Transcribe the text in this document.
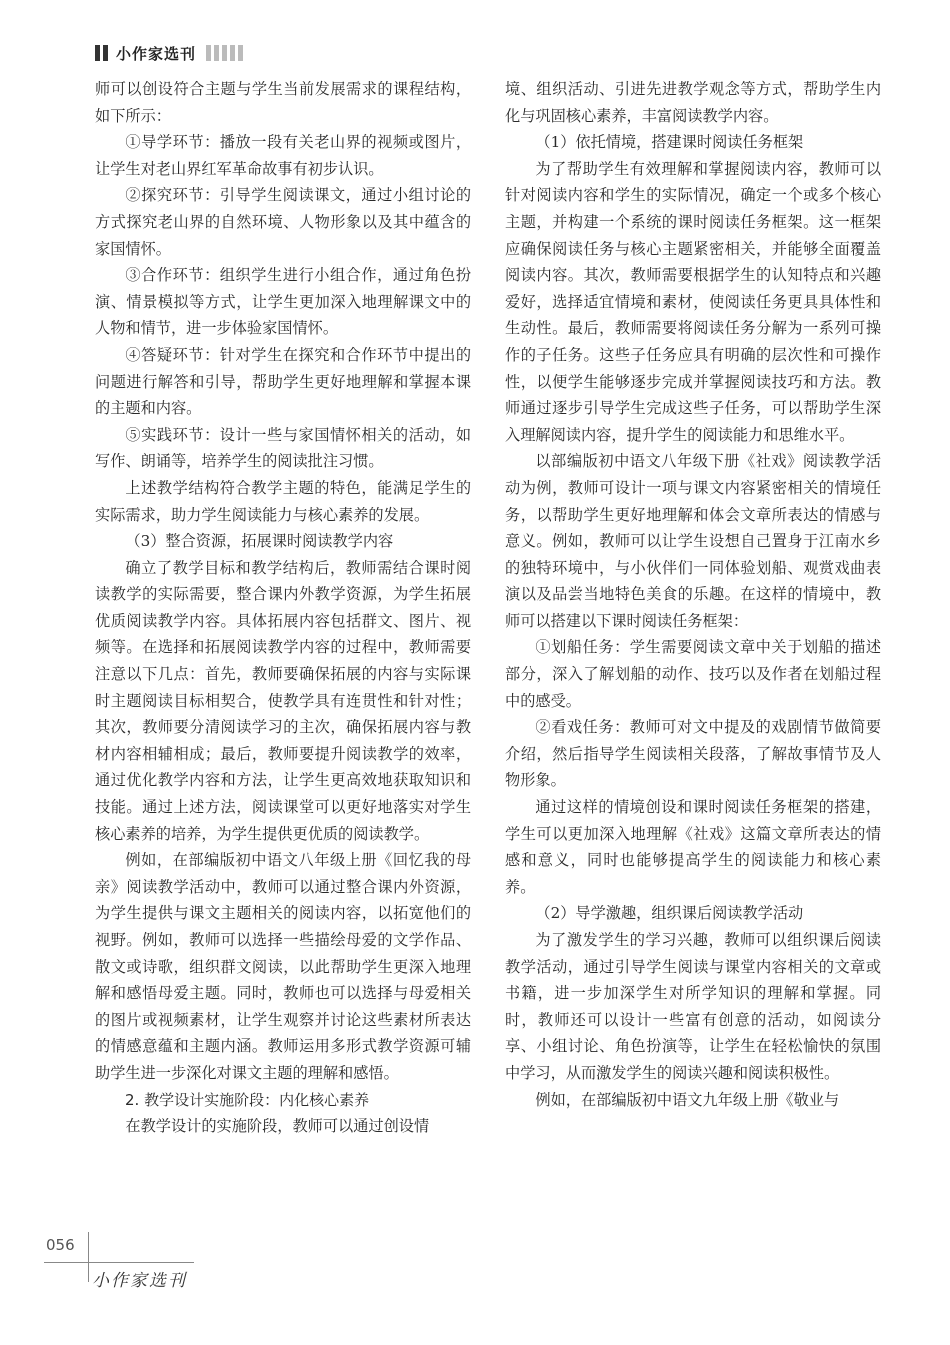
小作家选刊

师可以创设符合主题与学生当前发展需求的课程结构，如下所示：

①导学环节：播放一段有关老山界的视频或图片，让学生对老山界红军革命故事有初步认识。

②探究环节：引导学生阅读课文，通过小组讨论的方式探究老山界的自然环境、人物形象以及其中蕴含的家国情怀。

③合作环节：组织学生进行小组合作，通过角色扮演、情景模拟等方式，让学生更加深入地理解课文中的人物和情节，进一步体验家国情怀。

④答疑环节：针对学生在探究和合作环节中提出的问题进行解答和引导，帮助学生更好地理解和掌握本课的主题和内容。

⑤实践环节：设计一些与家国情怀相关的活动，如写作、朗诵等，培养学生的阅读批注习惯。

上述教学结构符合教学主题的特色，能满足学生的实际需求，助力学生阅读能力与核心素养的发展。

（3）整合资源，拓展课时阅读教学内容

确立了教学目标和教学结构后，教师需结合课时阅读教学的实际需要，整合课内外教学资源，为学生拓展优质阅读教学内容。具体拓展内容包括群文、图片、视频等。在选择和拓展阅读教学内容的过程中，教师需要注意以下几点：首先，教师要确保拓展的内容与实际课时主题阅读目标相契合，使教学具有连贯性和针对性；其次，教师要分清阅读学习的主次，确保拓展内容与教材内容相辅相成；最后，教师要提升阅读教学的效率，通过优化教学内容和方法，让学生更高效地获取知识和技能。通过上述方法，阅读课堂可以更好地落实对学生核心素养的培养，为学生提供更优质的阅读教学。

例如，在部编版初中语文八年级上册《回忆我的母亲》阅读教学活动中，教师可以通过整合课内外资源，为学生提供与课文主题相关的阅读内容，以拓宽他们的视野。例如，教师可以选择一些描绘母爱的文学作品、散文或诗歌，组织群文阅读，以此帮助学生更深入地理解和感悟母爱主题。同时，教师也可以选择与母爱相关的图片或视频素材，让学生观察并讨论这些素材所表达的情感意蕴和主题内涵。教师运用多形式教学资源可辅助学生进一步深化对课文主题的理解和感悟。

2. 教学设计实施阶段：内化核心素养

在教学设计的实施阶段，教师可以通过创设情

境、组织活动、引进先进教学观念等方式，帮助学生内化与巩固核心素养，丰富阅读教学内容。

（1）依托情境，搭建课时阅读任务框架

为了帮助学生有效理解和掌握阅读内容，教师可以针对阅读内容和学生的实际情况，确定一个或多个核心主题，并构建一个系统的课时阅读任务框架。这一框架应确保阅读任务与核心主题紧密相关，并能够全面覆盖阅读内容。其次，教师需要根据学生的认知特点和兴趣爱好，选择适宜情境和素材，使阅读任务更具具体性和生动性。最后，教师需要将阅读任务分解为一系列可操作的子任务。这些子任务应具有明确的层次性和可操作性，以便学生能够逐步完成并掌握阅读技巧和方法。教师通过逐步引导学生完成这些子任务，可以帮助学生深入理解阅读内容，提升学生的阅读能力和思维水平。

以部编版初中语文八年级下册《社戏》阅读教学活动为例，教师可设计一项与课文内容紧密相关的情境任务，以帮助学生更好地理解和体会文章所表达的情感与意义。例如，教师可以让学生设想自己置身于江南水乡的独特环境中，与小伙伴们一同体验划船、观赏戏曲表演以及品尝当地特色美食的乐趣。在这样的情境中，教师可以搭建以下课时阅读任务框架：

①划船任务：学生需要阅读文章中关于划船的描述部分，深入了解划船的动作、技巧以及作者在划船过程中的感受。

②看戏任务：教师可对文中提及的戏剧情节做简要介绍，然后指导学生阅读相关段落，了解故事情节及人物形象。

通过这样的情境创设和课时阅读任务框架的搭建，学生可以更加深入地理解《社戏》这篇文章所表达的情感和意义，同时也能够提高学生的阅读能力和核心素养。

（2）导学激趣，组织课后阅读教学活动

为了激发学生的学习兴趣，教师可以组织课后阅读教学活动，通过引导学生阅读与课堂内容相关的文章或书籍，进一步加深学生对所学知识的理解和掌握。同时，教师还可以设计一些富有创意的活动，如阅读分享、小组讨论、角色扮演等，让学生在轻松愉快的氛围中学习，从而激发学生的阅读兴趣和阅读积极性。

例如，在部编版初中语文九年级上册《敬业与

056
小作家选刊
